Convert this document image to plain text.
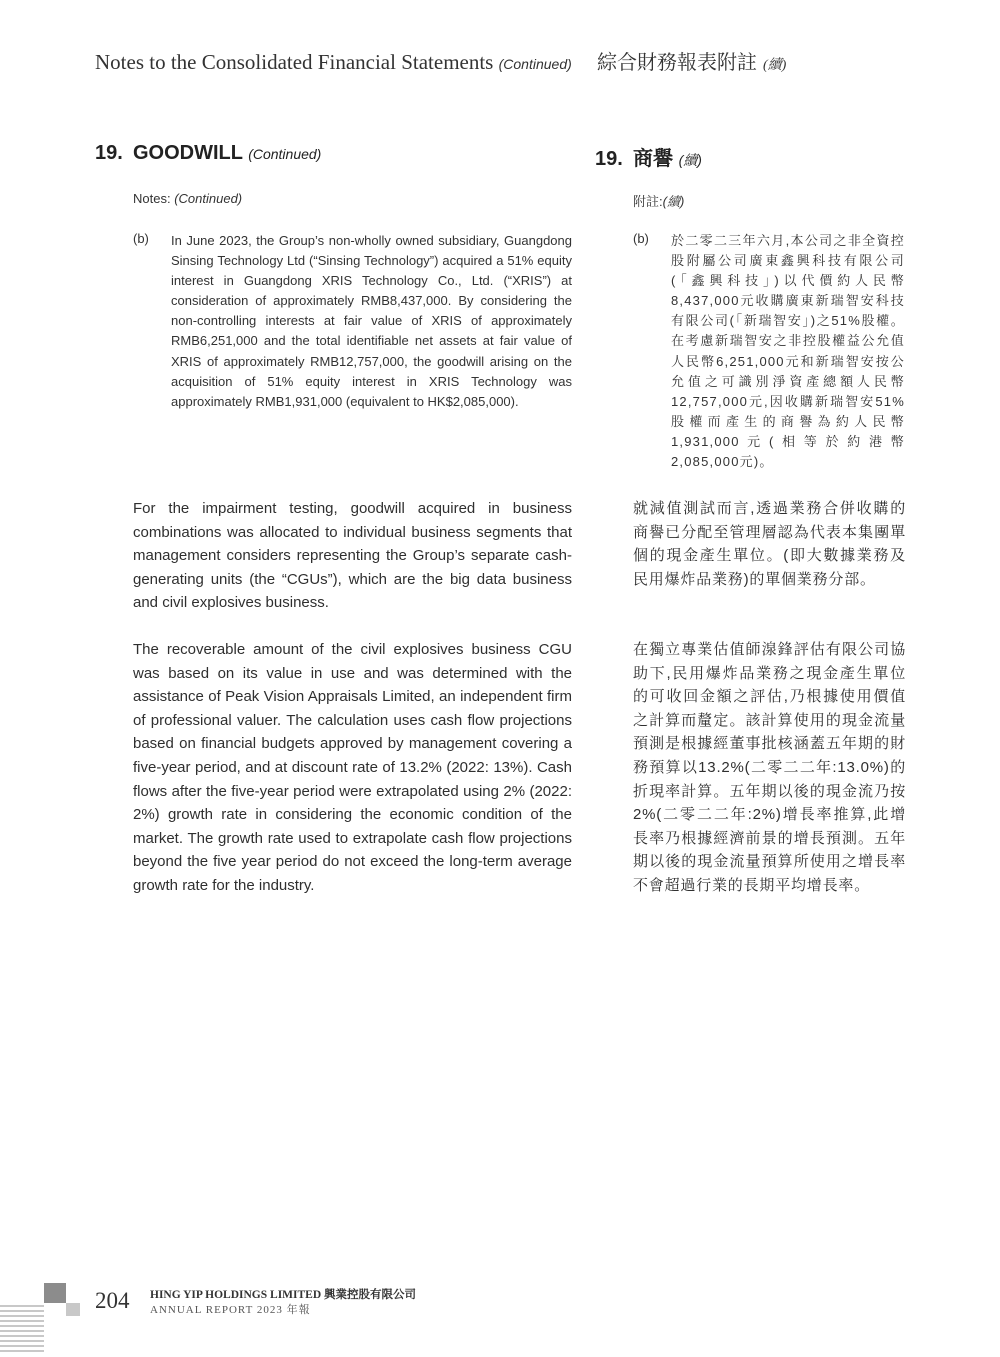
Notes to the Consolidated Financial Statements (Continued) 綜合財務報表附註 (續)
19. GOODWILL (Continued)	19. 商譽 (續)
Notes: (Continued)	附註:(續)
(b) In June 2023, the Group’s non-wholly owned subsidiary, Guangdong Sinsing Technology Ltd (“Sinsing Technology”) acquired a 51% equity interest in Guangdong XRIS Technology Co., Ltd. (“XRIS”) at consideration of approximately RMB8,437,000. By considering the non-controlling interests at fair value of XRIS of approximately RMB6,251,000 and the total identifiable net assets at fair value of XRIS of approximately RMB12,757,000, the goodwill arising on the acquisition of 51% equity interest in XRIS Technology was approximately RMB1,931,000 (equivalent to HK$2,085,000).
(b) 於二零二三年六月,本公司之非全資控股附屬公司廣東鑫興科技有限公司(「鑫興科技」)以代價約人民幣8,437,000元收購廣東新瑞智安科技有限公司(「新瑞智安」)之51%股權。在考慮新瑞智安之非控股權益公允值人民幣6,251,000元和新瑞智安按公允值之可識別淨資產總額人民幣12,757,000元,因收購新瑞智安51%股權而產生的商譽為約人民幣1,931,000元(相等於約港幣2,085,000元)。
For the impairment testing, goodwill acquired in business combinations was allocated to individual business segments that management considers representing the Group’s separate cash-generating units (the “CGUs”), which are the big data business and civil explosives business.
就減值測試而言,透過業務合併收購的商譽已分配至管理層認為代表本集團單個的現金產生單位。(即大數據業務及民用爆炸品業務)的單個業務分部。
The recoverable amount of the civil explosives business CGU was based on its value in use and was determined with the assistance of Peak Vision Appraisals Limited, an independent firm of professional valuer. The calculation uses cash flow projections based on financial budgets approved by management covering a five-year period, and at discount rate of 13.2% (2022: 13%). Cash flows after the five-year period were extrapolated using 2% (2022: 2%) growth rate in considering the economic condition of the market. The growth rate used to extrapolate cash flow projections beyond the five year period do not exceed the long-term average growth rate for the industry.
在獨立專業估值師湶鋒評估有限公司協助下,民用爆炸品業務之現金產生單位的可收回金額之評估,乃根據使用價值之計算而釐定。該計算使用的現金流量預測是根據經董事批核涵蓋五年期的財務預算以13.2%(二零二二年:13.0%)的折現率計算。五年期以後的現金流乃按2%(二零二二年:2%)增長率推算,此增長率乃根據經濟前景的增長預測。五年期以後的現金流量預算所使用之增長率不會超過行業的長期平均增長率。
204 HING YIP HOLDINGS LIMITED 興業控股有限公司
ANNUAL REPORT 2023 年報
